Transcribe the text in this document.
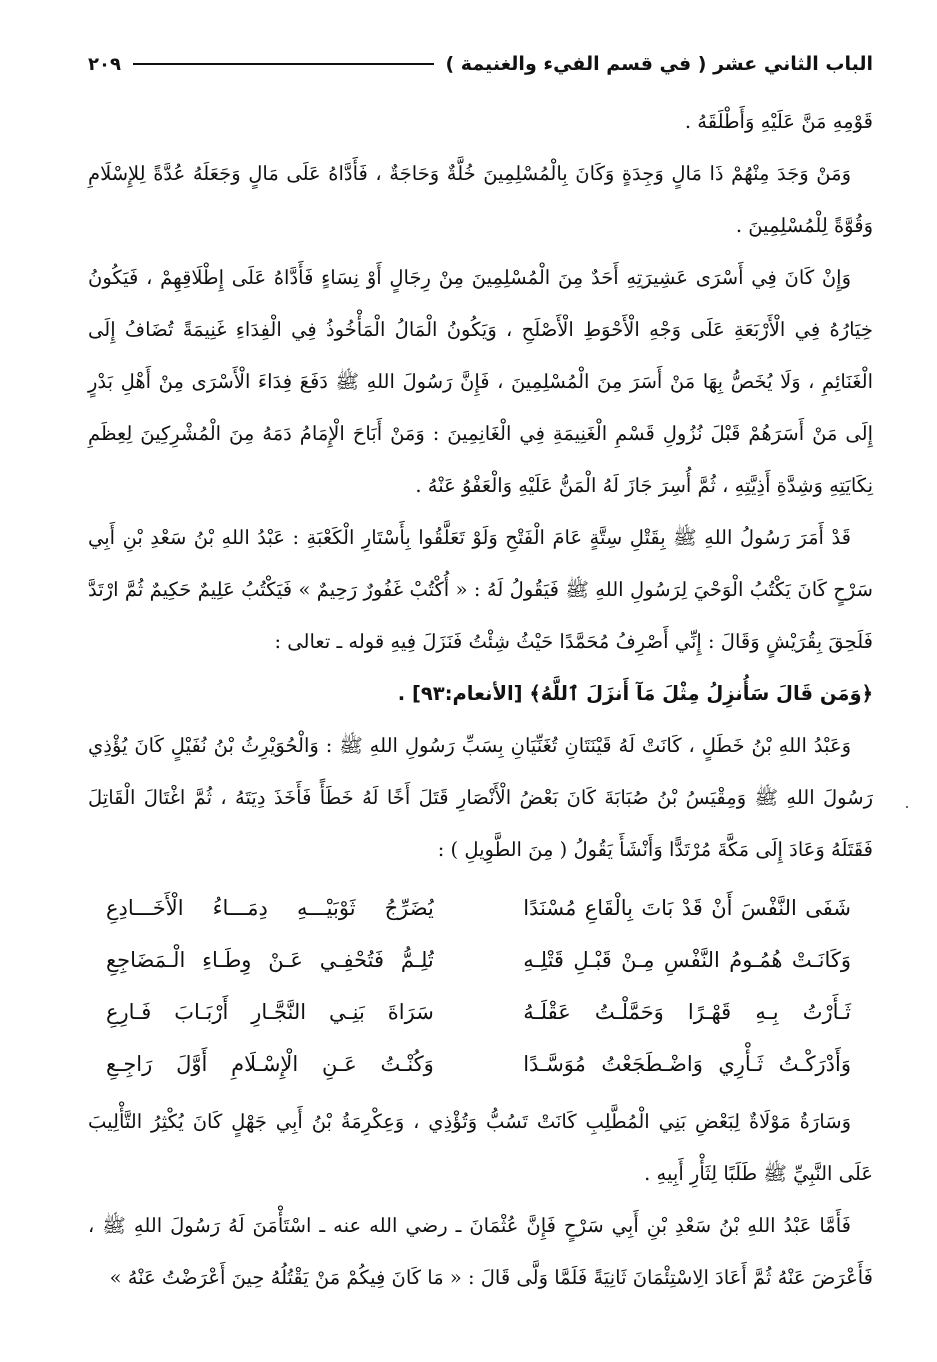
الباب الثاني عشر ( في قسم الفيء والغنيمة )
٢٠٩

قَوْمِهِ مَنَّ عَلَيْهِ وَأَطْلَقَهُ .

وَمَنْ وَجَدَ مِنْهُمْ ذَا مَالٍ وَجِدَةٍ وَكَانَ بِالْمُسْلِمِينَ خُلَّةٌ وَحَاجَةٌ ، فَأَدَّاهُ عَلَى مَالٍ وَجَعَلَهُ عُدَّةً لِلإِسْلَامِ وَقُوَّةً لِلْمُسْلِمِينَ .

وَإِنْ كَانَ فِي أَسْرَى عَشِيرَتِهِ أَحَدٌ مِنَ الْمُسْلِمِينَ مِنْ رِجَالٍ أَوْ نِسَاءٍ فَأَدَّاهُ عَلَى إِطْلَاقِهِمْ ، فَيَكُونُ خِيَارُهُ فِي الْأَرْبَعَةِ عَلَى وَجْهِ الْأَحْوَطِ الْأَصْلَحِ ، وَيَكُونُ الْمَالُ الْمَأْخُوذُ فِي الْفِدَاءِ غَنِيمَةً تُضَافُ إِلَى الْغَنَائِمِ ، وَلَا يُخَصُّ بِهَا مَنْ أَسَرَ مِنَ الْمُسْلِمِينَ ، فَإِنَّ رَسُولَ اللهِ ﷺ دَفَعَ فِدَاءَ الْأَسْرَى مِنْ أَهْلِ بَدْرٍ إِلَى مَنْ أَسَرَهُمْ قَبْلَ نُزُولِ قَسْمِ الْغَنِيمَةِ فِي الْغَانِمِينَ : وَمَنْ أَبَاحَ الْإِمَامُ دَمَهُ مِنَ الْمُشْرِكِينَ لِعِظَمِ نِكَايَتِهِ وَشِدَّةِ أَذِيَّتِهِ ، ثُمَّ أُسِرَ جَازَ لَهُ الْمَنُّ عَلَيْهِ وَالْعَفْوُ عَنْهُ .

قَدْ أَمَرَ رَسُولُ اللهِ ﷺ بِقَتْلِ سِتَّةٍ عَامَ الْفَتْحِ وَلَوْ تَعَلَّقُوا بِأَسْتَارِ الْكَعْبَةِ : عَبْدُ اللهِ بْنُ سَعْدِ بْنِ أَبِي سَرْحٍ كَانَ يَكْتُبُ الْوَحْيَ لِرَسُولِ اللهِ ﷺ فَيَقُولُ لَهُ : « أُكْتُبْ غَفُورٌ رَحِيمٌ » فَيَكْتُبُ عَلِيمٌ حَكِيمٌ ثُمَّ ارْتَدَّ فَلَحِقَ بِقُرَيْشٍ وَقَالَ : إِنِّي أَصْرِفُ مُحَمَّدًا حَيْثُ شِئْتُ فَنَزَلَ فِيهِ قوله ـ تعالى :

﴿وَمَن قَالَ سَأُنزِلُ مِثْلَ مَآ أَنزَلَ ٱللَّهُ﴾ [الأنعام:٩٣] .

وَعَبْدُ اللهِ بْنُ خَطَلٍ ، كَانَتْ لَهُ قَيْنَتَانِ تُغَنِّيَانِ بِسَبِّ رَسُولِ اللهِ ﷺ : وَالْحُوَيْرِثُ بْنُ نُفَيْلٍ كَانَ يُؤْذِي رَسُولَ اللهِ ﷺ وَمِقْيَسُ بْنُ صُبَابَةَ كَانَ بَعْضُ الْأَنْصَارِ قَتَلَ أَخًا لَهُ خَطَأً فَأَخَذَ دِيَتَهُ ، ثُمَّ اغْتَالَ الْقَاتِلَ فَقَتَلَهُ وَعَادَ إِلَى مَكَّةَ مُرْتَدًّا وَأَنْشَأَ يَقُولُ ( مِنَ الطَّوِيلِ ) :

شَفَى النَّفْسَ أَنْ قَدْ بَاتَ بِالْقَاعِ مُسْنَدًا
يُضَرِّجُ ثَوْبَيْـــهِ دِمَـــاءُ الْأَخَـــادِعِ
وَكَانَـتْ هُمُـومُ النَّفْسِ مِـنْ قَبْـلِ قَتْلِـهِ
تُلِـمُّ فَتُحْفِـي عَـنْ وِطَـاءِ الْـمَضَاجِعِ
ثَـأَرْتُ بِـهِ قَهْـرًا وَحَمَّلْـتُ عَقْلَـهُ
سَرَاةَ بَنِـي النَّجَّـارِ أَرْبَـابَ فَـارِعِ
وَأَدْرَكْـتُ ثَـأْرِي وَاضْـطَجَعْتُ مُوَسَّـدًا
وَكُنْـتُ عَـنِ الْإِسْـلَامِ أَوَّلَ رَاجِـعِ

وَسَارَةُ مَوْلَاةٌ لِبَعْضِ بَنِي الْمُطَّلِبِ كَانَتْ تَسُبُّ وَتُؤْذِي ، وَعِكْرِمَةُ بْنُ أَبِي جَهْلٍ كَانَ يُكْثِرُ التَّأْلِيبَ عَلَى النَّبِيِّ ﷺ طَلَبًا لِثَأْرِ أَبِيهِ .

فَأَمَّا عَبْدُ اللهِ بْنُ سَعْدِ بْنِ أَبِي سَرْحٍ فَإِنَّ عُثْمَانَ ـ رضي الله عنه ـ اسْتَأْمَنَ لَهُ رَسُولَ اللهِ ﷺ ، فَأَعْرَضَ عَنْهُ ثُمَّ أَعَادَ الِاسْتِئْمَانَ ثَانِيَةً فَلَمَّا وَلَّى قَالَ : « مَا كَانَ فِيكُمْ مَنْ يَقْتُلُهُ حِينَ أَعْرَضْتُ عَنْهُ »
